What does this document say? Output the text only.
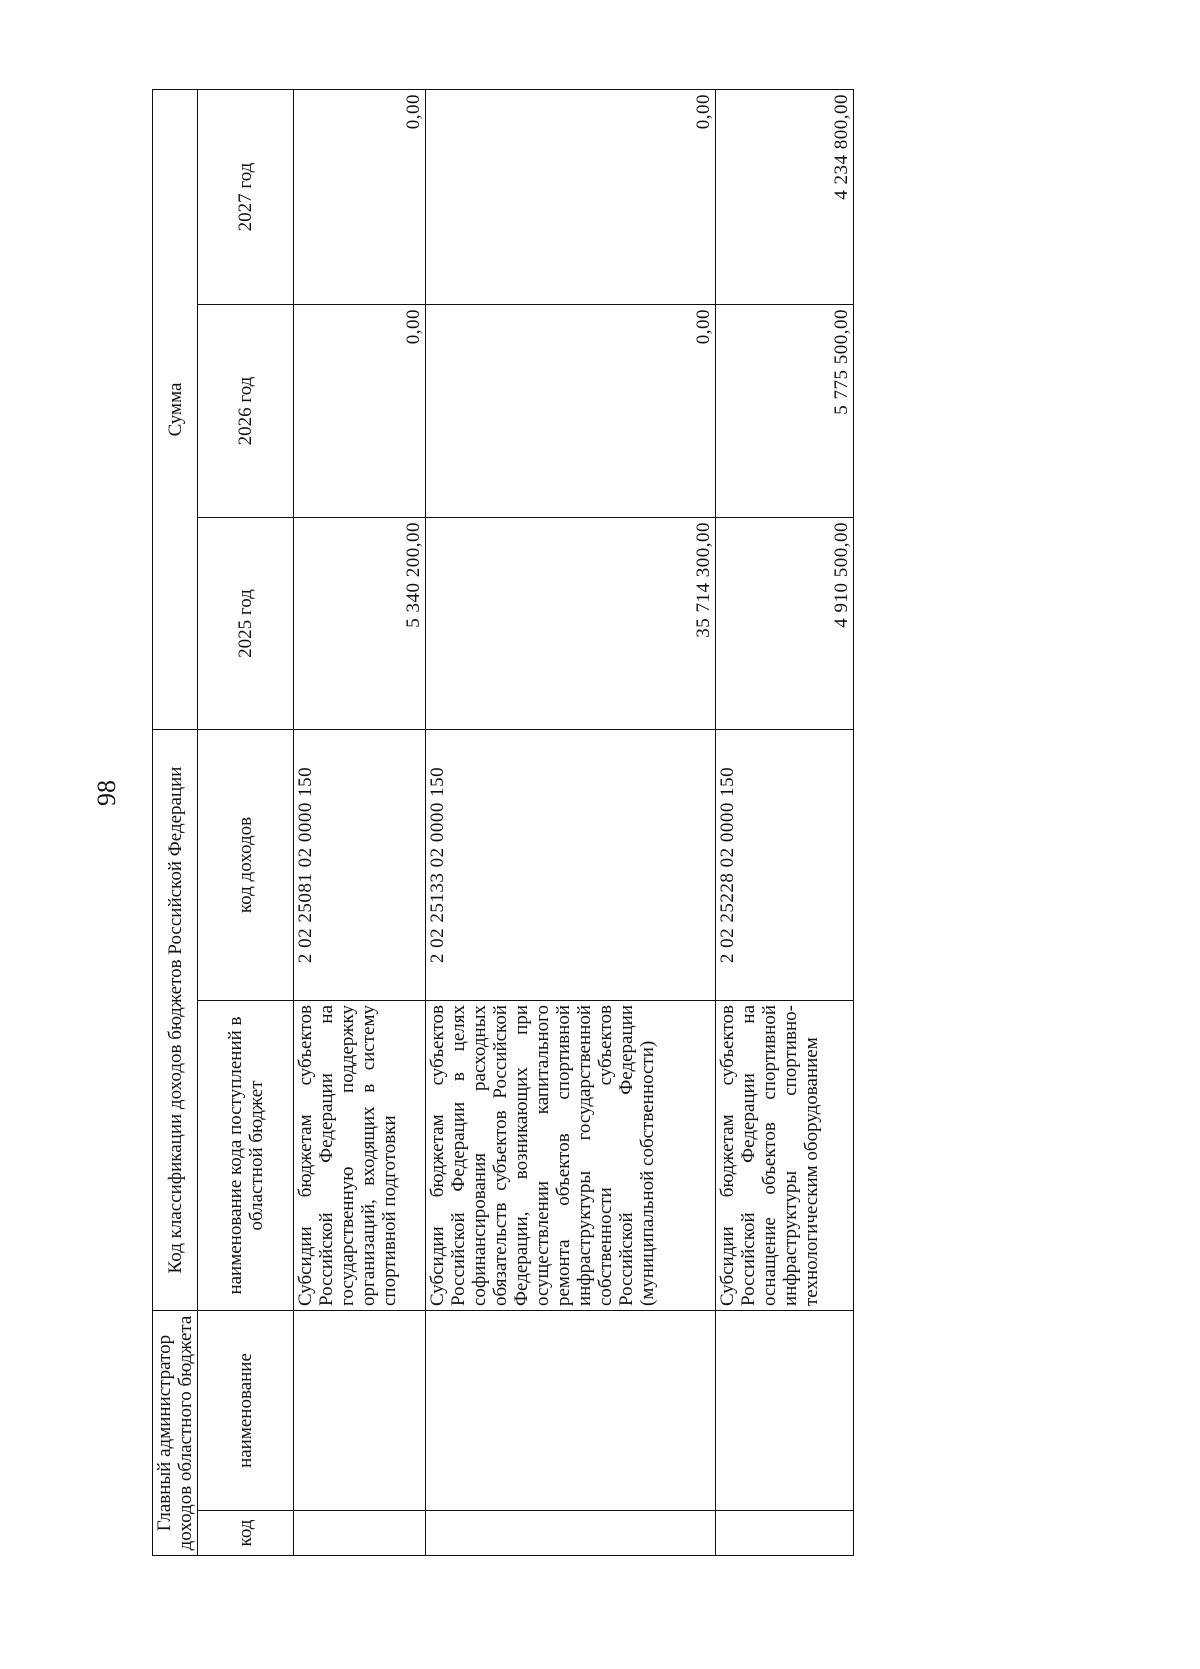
98
Главный администратор доходов областного бюджета		Код классификации доходов бюджетов Российской Федерации		Сумма		
код	наименование	наименование кода поступлений в областной бюджет	код доходов	2025 год	2026 год	2027 год
		Субсидии бюджетам субъектов Российской Федерации на государственную поддержку организаций, входящих в систему спортивной подготовки	2 02 25081 02 0000 150	5 340 200,00	0,00	0,00
		Субсидии бюджетам субъектов Российской Федерации в целях софинансирования расходных обязательств субъектов Российской Федерации, возникающих при осуществлении капитального ремонта объектов спортивной инфраструктуры государственной собственности субъектов Российской Федерации (муниципальной собственности)	2 02 25133 02 0000 150	35 714 300,00	0,00	0,00
		Субсидии бюджетам субъектов Российской Федерации на оснащение объектов спортивной инфраструктуры спортивно-технологическим оборудованием	2 02 25228 02 0000 150	4 910 500,00	5 775 500,00	4 234 800,00
